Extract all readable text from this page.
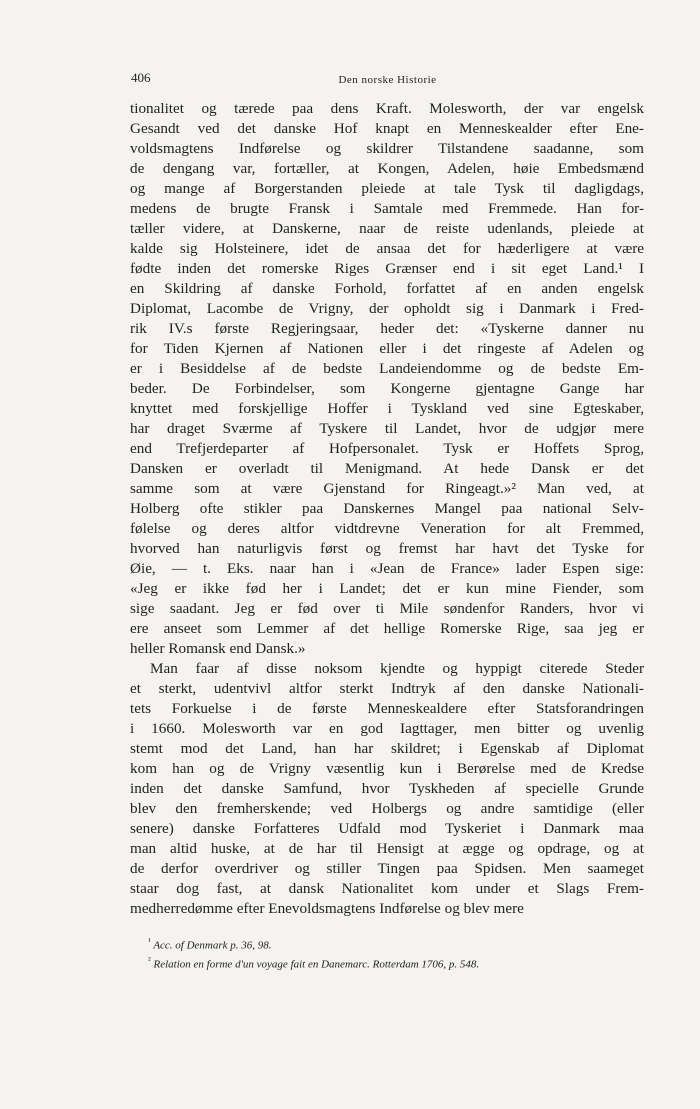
406	Den norske Historie
tionalitet og tærede paa dens Kraft. Molesworth, der var engelsk
Gesandt ved det danske Hof knapt en Menneskealder efter Ene-
voldsmagtens Indførelse og skildrer Tilstandene saadanne, som
de dengang var, fortæller, at Kongen, Adelen, høie Embedsmænd
og mange af Borgerstanden pleiede at tale Tysk til dagligdags,
medens de brugte Fransk i Samtale med Fremmede. Han for-
tæller videre, at Danskerne, naar de reiste udenlands, pleiede at
kalde sig Holsteinere, idet de ansaa det for hæderligere at være
fødte inden det romerske Riges Grænser end i sit eget Land.¹ I
en Skildring af danske Forhold, forfattet af en anden engelsk
Diplomat, Lacombe de Vrigny, der opholdt sig i Danmark i Fred-
rik IV.s første Regjeringsaar, heder det: «Tyskerne danner nu
for Tiden Kjernen af Nationen eller i det ringeste af Adelen og
er i Besiddelse af de bedste Landeiendomme og de bedste Em-
beder. De Forbindelser, som Kongerne gjentagne Gange har
knyttet med forskjellige Hoffer i Tyskland ved sine Egteskaber,
har draget Sværme af Tyskere til Landet, hvor de udgjør mere
end Trefjerdeparter af Hofpersonalet. Tysk er Hoffets Sprog,
Dansken er overladt til Menigmand. At hede Dansk er det
samme som at være Gjenstand for Ringeagt.»² Man ved, at
Holberg ofte stikler paa Danskernes Mangel paa national Selv-
følelse og deres altfor vidtdrevne Veneration for alt Fremmed,
hvorved han naturligvis først og fremst har havt det Tyske for
Øie, — t. Eks. naar han i «Jean de France» lader Espen sige:
«Jeg er ikke fød her i Landet; det er kun mine Fiender, som
sige saadant. Jeg er fød over ti Mile søndenfor Randers, hvor vi
ere anseet som Lemmer af det hellige Romerske Rige, saa jeg er
heller Romansk end Dansk.»
Man faar af disse noksom kjendte og hyppigt citerede Steder
et sterkt, udentvivl altfor sterkt Indtryk af den danske Nationali-
tets Forkuelse i de første Menneskealdere efter Statsforandringen
i 1660. Molesworth var en god Iagttager, men bitter og uvenlig
stemt mod det Land, han har skildret; i Egenskab af Diplomat
kom han og de Vrigny væsentlig kun i Berørelse med de Kredse
inden det danske Samfund, hvor Tyskheden af specielle Grunde
blev den fremherskende; ved Holbergs og andre samtidige (eller
senere) danske Forfatteres Udfald mod Tyskeriet i Danmark maa
man altid huske, at de har til Hensigt at ægge og opdrage, og at
de derfor overdriver og stiller Tingen paa Spidsen. Men saameget
staar dog fast, at dansk Nationalitet kom under et Slags Frem-
medherredømme efter Enevoldsmagtens Indførelse og blev mere
$^{^1}$ Acc. of Denmark p. 36, 98.
$^{^2}$ Relation en forme d'un voyage fait en Danemarc. Rotterdam 1706, p. 548.
